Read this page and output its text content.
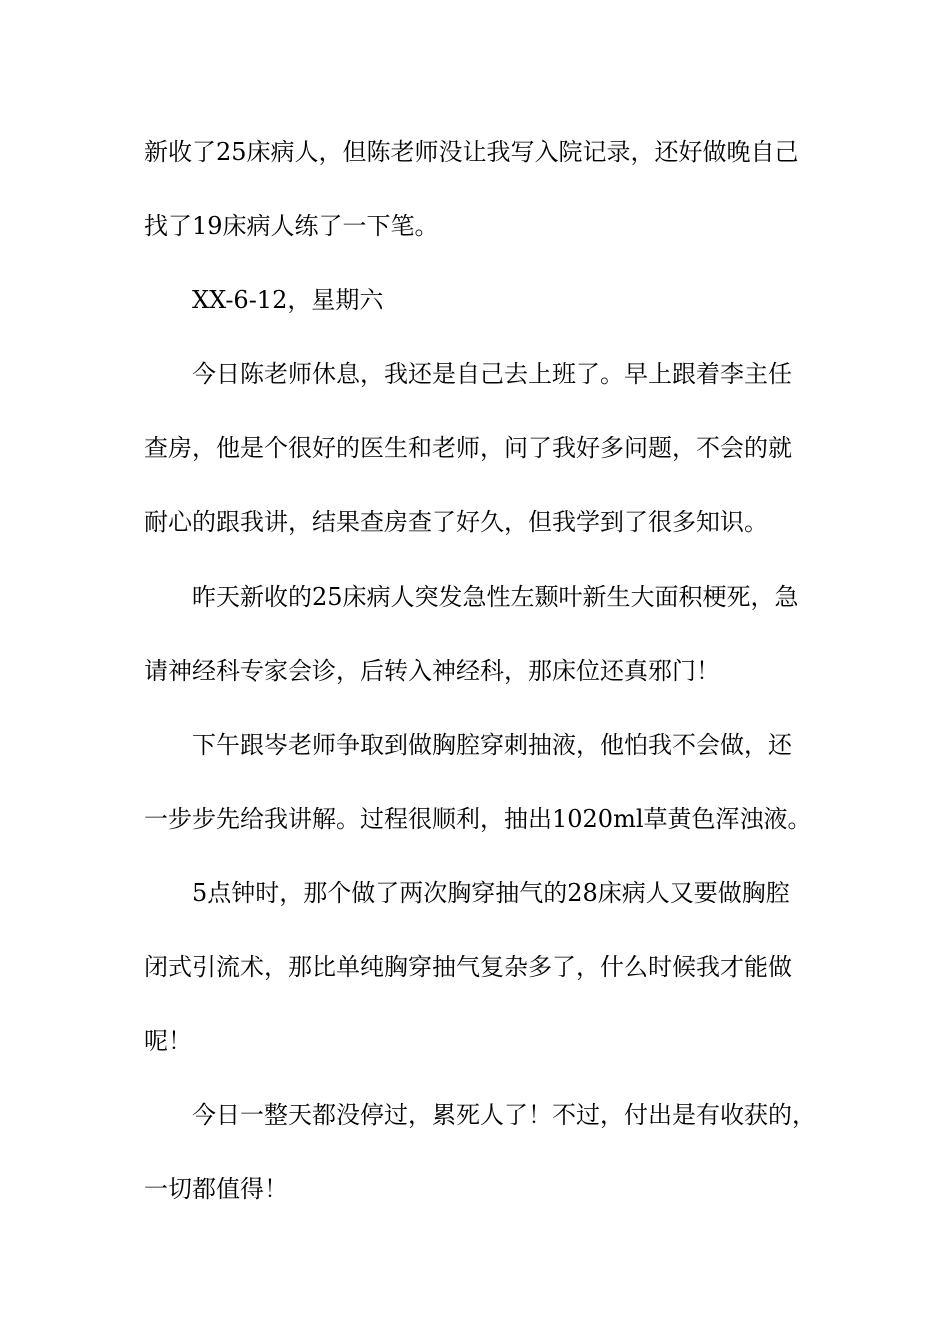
新收了25床病人，但陈老师没让我写入院记录，还好做晚自己
找了19床病人练了一下笔。
XX-6-12，星期六
今日陈老师休息，我还是自己去上班了。早上跟着李主任
查房，他是个很好的医生和老师，问了我好多问题，不会的就
耐心的跟我讲，结果查房查了好久，但我学到了很多知识。
昨天新收的25床病人突发急性左颞叶新生大面积梗死，急
请神经科专家会诊，后转入神经科，那床位还真邪门！
下午跟岑老师争取到做胸腔穿刺抽液，他怕我不会做，还
一步步先给我讲解。过程很顺利，抽出1020ml草黄色浑浊液。
5点钟时，那个做了两次胸穿抽气的28床病人又要做胸腔
闭式引流术，那比单纯胸穿抽气复杂多了，什么时候我才能做
呢！
今日一整天都没停过，累死人了！不过，付出是有收获的，
一切都值得！
